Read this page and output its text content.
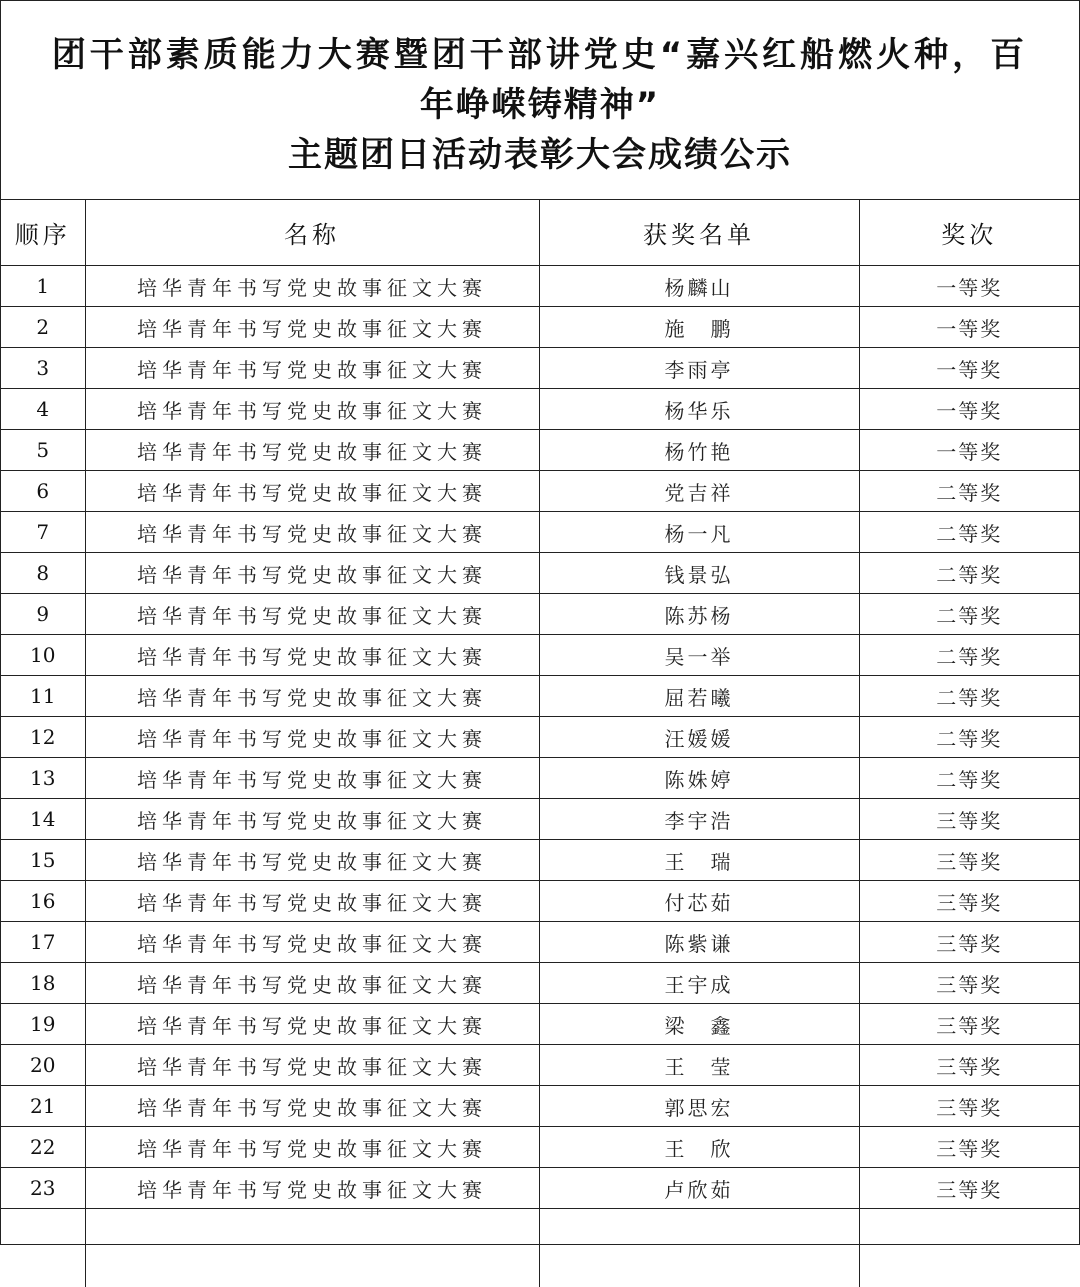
团干部素质能力大赛暨团干部讲党史“嘉兴红船燃火种，百
年峥嵘铸精神”
主题团日活动表彰大会成绩公示
顺序	名称	获奖名单	奖次
1	培华青年书写党史故事征文大赛	杨麟山	一等奖
2	培华青年书写党史故事征文大赛	施　鹏	一等奖
3	培华青年书写党史故事征文大赛	李雨亭	一等奖
4	培华青年书写党史故事征文大赛	杨华乐	一等奖
5	培华青年书写党史故事征文大赛	杨竹艳	一等奖
6	培华青年书写党史故事征文大赛	党吉祥	二等奖
7	培华青年书写党史故事征文大赛	杨一凡	二等奖
8	培华青年书写党史故事征文大赛	钱景弘	二等奖
9	培华青年书写党史故事征文大赛	陈苏杨	二等奖
10	培华青年书写党史故事征文大赛	吴一举	二等奖
11	培华青年书写党史故事征文大赛	屈若曦	二等奖
12	培华青年书写党史故事征文大赛	汪媛媛	二等奖
13	培华青年书写党史故事征文大赛	陈姝婷	二等奖
14	培华青年书写党史故事征文大赛	李宇浩	三等奖
15	培华青年书写党史故事征文大赛	王　瑞	三等奖
16	培华青年书写党史故事征文大赛	付芯茹	三等奖
17	培华青年书写党史故事征文大赛	陈紫谦	三等奖
18	培华青年书写党史故事征文大赛	王宇成	三等奖
19	培华青年书写党史故事征文大赛	梁　鑫	三等奖
20	培华青年书写党史故事征文大赛	王　莹	三等奖
21	培华青年书写党史故事征文大赛	郭思宏	三等奖
22	培华青年书写党史故事征文大赛	王　欣	三等奖
23	培华青年书写党史故事征文大赛	卢欣茹	三等奖
